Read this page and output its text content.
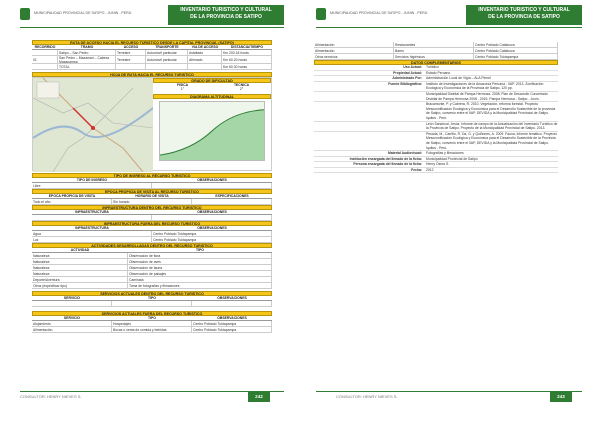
MUNICIPALIDAD PROVINCIAL DE SATIPO - JUNIN - PERU	INVENTARIO TURISTICO Y CULTURAL
DE LA PROVINCIA DE SATIPO
RUTA DE ACCESO HACIA EL RECURSO TURISTICO DESDE LA CAPITAL PROVINCIAL (SATIPO)
RECORRIDO	TRAMO	ACCESO	TRANSPORTE	VIA DE ACCESO	DISTANCIA/TIEMPO
Satipo – San Pedro	Terrestre	Automóvil particular	Asfaltado	Km 200.18 horas
01	San Pedro – Mazamari – Cabeza Mazapampa	Terrestre	Automóvil particular	Afirmado	Km 60.20 horas
TOTAL	Km 60.30 horas
HOJA DE RUTA HACIA EL RECURSO TURISTICO
GRADO DE DIFICULTAD
FISICA	TECNICA
1°	2°
DIAGRAMA ALTITUDINAL
TIPO DE INGRESO AL RECURSO TURISTICO
TIPO DE INGRESO	OBSERVACIONES
Libre
EPOCA PROPICIA DE VISITA AL RECURSO TURISTICO
EPOCA PROPICIA DE VISITA	HORARIO DE VISITA	ESPECIFICACIONES
Todo el año	Sin horario
INFRAESTRUCTURA DENTRO DEL RECURSO TURISTICO
INFRAESTRUCTURA	OBSERVACIONES
INFRAESTRUCTURA FUERA DEL RECURSO TURISTICO
INFRAESTRUCTURA	OBSERVACIONES
Agua	Centro Poblado Tuktapampa
Luz	Centro Poblado Tuktapampa
ACTIVIDADES DESARROLLADAS DENTRO DEL RECURSO TURISTICO
ACTIVIDAD	TIPO
Naturaleza	Observación de flora
Naturaleza	Observación de aves
Naturaleza	Observación de fauna
Naturaleza	Observación de paisajes
Deporte/Aventura	Caminata
Otros (especificar tipo)	Toma de fotografías y filmaciones
SERVICIOS ACTUALES DENTRO DEL RECURSO TURISTICO
SERVICIO	TIPO	OBSERVACIONES
SERVICIOS ACTUALES FUERA DEL RECURSO TURISTICO
SERVICIO	TIPO	OBSERVACIONES
Alojamiento	Hospedajes	Centro Poblado Tuktapampa
Alimentación	Bocas o venta de comida y bebidas	Centro Poblado Tuktapampa
CONSULTOR: HENRY NIEVES S.	242
MUNICIPALIDAD PROVINCIAL DE SATIPO - JUNIN - PERU	INVENTARIO TURISTICO Y CULTURAL
DE LA PROVINCIA DE SATIPO
Alimentación	Restaurantes	Centro Poblado Catalcuca
Alimentación	Bares	Centro Poblado Catalcuca
Otros servicios	Servicios higiénicos	Centro Poblado Tuktapampa
DATOS COMPLEMENTARIOS
Uso Actual:	Turístico
Propiedad Actual:	Estado Peruano
Administrado Por:	Administración Local de Vigía – ALA Pinnel
Fuente Bibliográfica:	Instituto de Investigaciones de la Amazonía Peruana - IIAP. 2013. Zonificación Ecológica y Económica de la Provincia de Satipo, 120 pp.
Municipalidad Distrital de Pampa Hermosa. 2008. Plan de Desarrollo Concertado Distrital de Pampa Hermosa 2008 - 2015. Pampa Hermosa - Satipo - Junín.
Bracamonte, P. y Cabrera, R. 2010. Vegetación, reforma forestal. Proyecto Mesozonificación Ecológica y Económica para el Desarrollo Sostenible de la provincia de Satipo, convenio entre el IIAP, DEVIDA y la Municipalidad Provincial de Satipo. Iquitos - Perú.
León Sandoval, Jesús. Informe de campo de la Actualización del Inventario Turístico de la Provincia de Satipo. Proyecto de la Municipalidad Provincial de Satipo. 2013.
Pesarla, M., Carrillo, R. Da, G. y Quiñones, A. 2009. Fauna, informe temático. Proyecto Mesozonificación Ecológica y Económica para el Desarrollo Sostenible de la Provincia de Satipo, convenio entre el IIAP, DEVIDA y la Municipalidad Provincial de Satipo. Iquitos - Perú.
Material Audiovisual:	Fotografías y filmaciones
Institución encargada del llenado de la ficha:	Municipalidad Provincial de Satipo
Persona encargada del llenado de la ficha:	Henry Osma S.
Fecha:	2012
CONSULTOR: HENRY NIEVES S.	243
